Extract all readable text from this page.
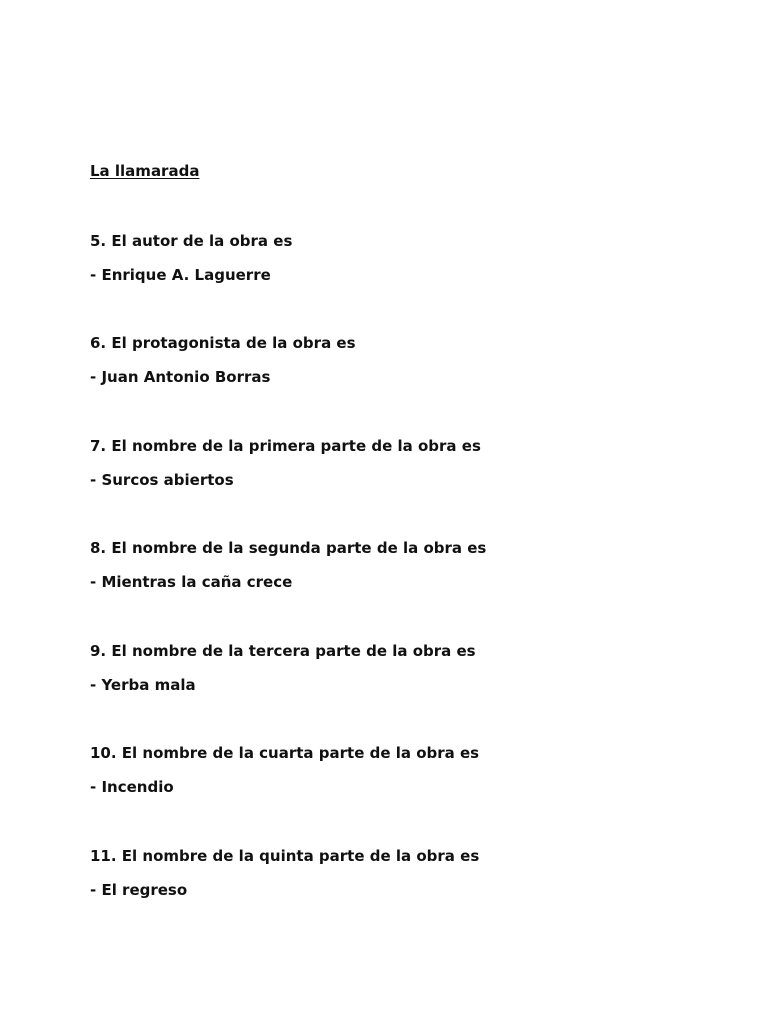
La llamarada
5. El autor de la obra es
- Enrique A. Laguerre
6. El protagonista de la obra es
- Juan Antonio Borras
7. El nombre de la primera parte de la obra es
- Surcos abiertos
8. El nombre de la segunda parte de la obra es
- Mientras la caña crece
9. El nombre de la tercera parte de la obra es
- Yerba mala
10. El nombre de la cuarta parte de la obra es
- Incendio
11. El nombre de la quinta parte de la obra es
- El regreso
